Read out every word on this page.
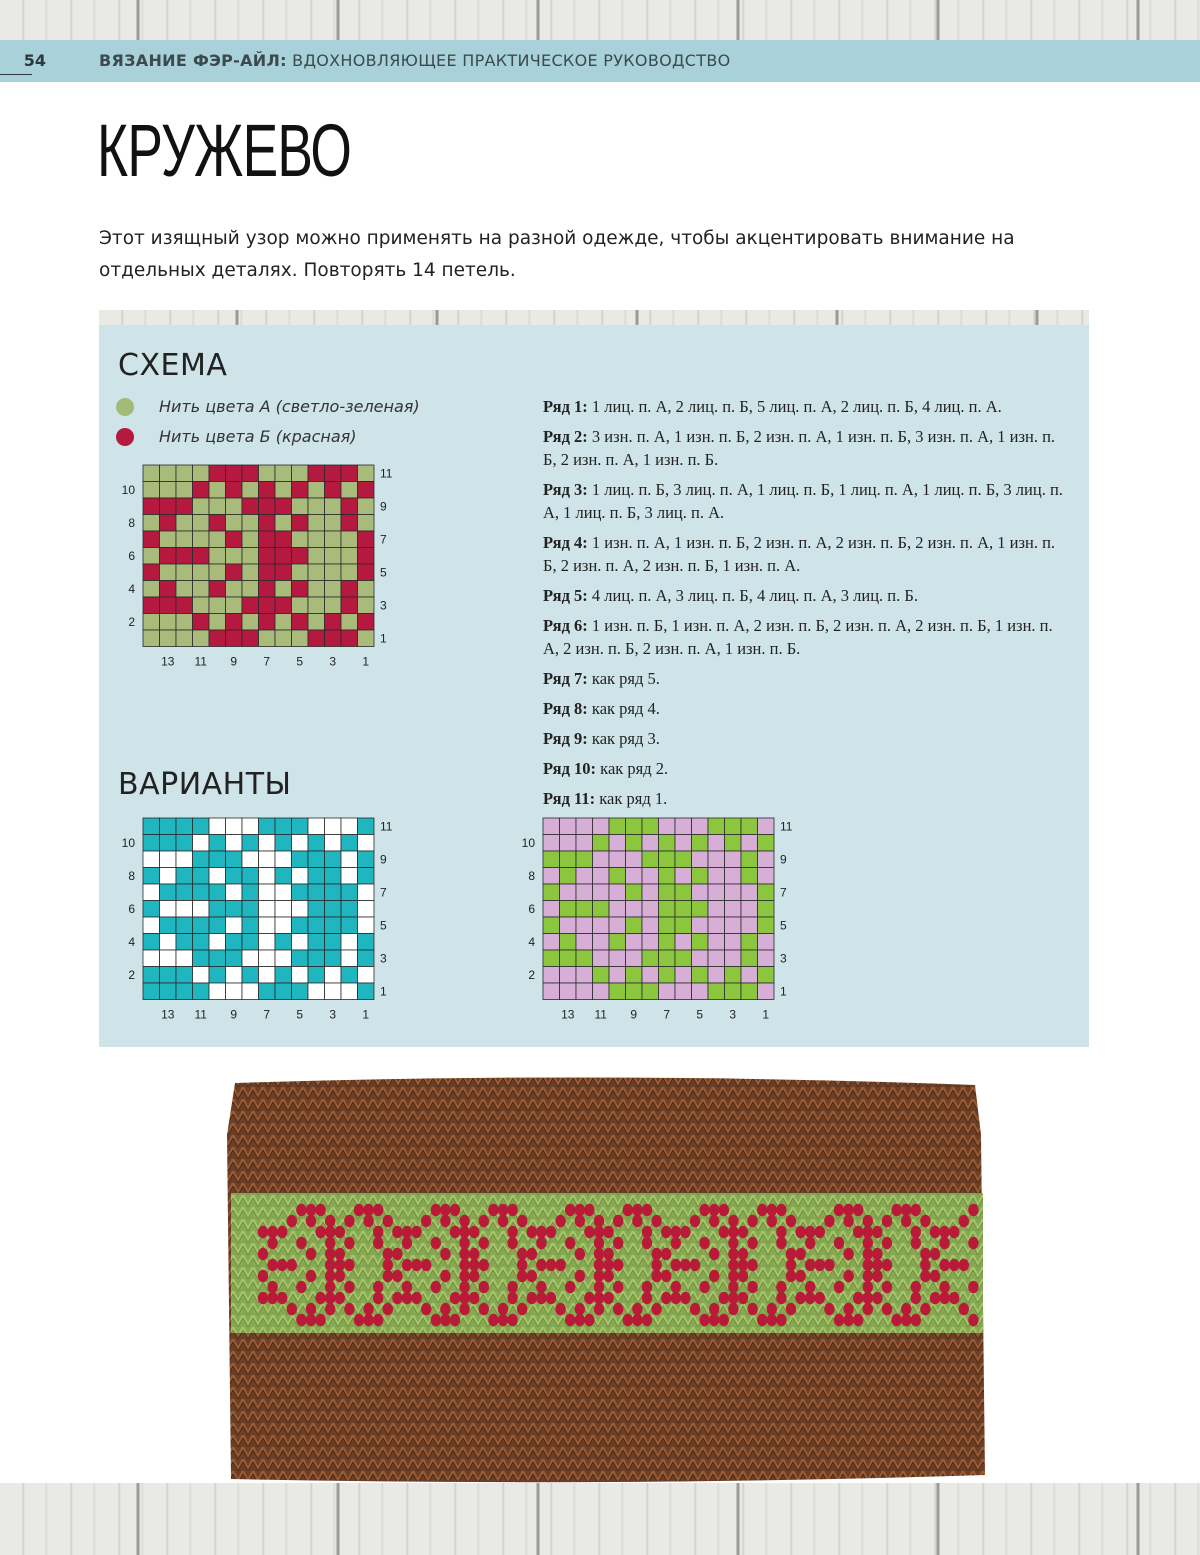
54	ВЯЗАНИЕ ФЭР-АЙЛ: ВДОХНОВЛЯЮЩЕЕ ПРАКТИЧЕСКОЕ РУКОВОДСТВО
КРУЖЕВО
Этот изящный узор можно применять на разной одежде, чтобы акцентировать внимание на отдельных деталях. Повторять 14 петель.
СХЕМА
Нить цвета А (светло-зеленая)
Нить цвета Б (красная)
13 11 9 7 5 3 1
11
9
7
5
3
1
10
8
6
4
2
ВАРИАНТЫ
13 11 9 7 5 3 1
11
9
7
5
3
1
10
8
6
4
2
13 11 9 7 5 3 1
11
9
7
5
3
1
10
8
6
4
2
Ряд 1: 1 лиц. п. А, 2 лиц. п. Б, 5 лиц. п. А, 2 лиц. п. Б, 4 лиц. п. А.
Ряд 2: 3 изн. п. А, 1 изн. п. Б, 2 изн. п. А, 1 изн. п. Б, 3 изн. п. А, 1 изн. п. Б, 2 изн. п. А, 1 изн. п. Б.
Ряд 3: 1 лиц. п. Б, 3 лиц. п. А, 1 лиц. п. Б, 1 лиц. п. А, 1 лиц. п. Б, 3 лиц. п. А, 1 лиц. п. Б, 3 лиц. п. А.
Ряд 4: 1 изн. п. А, 1 изн. п. Б, 2 изн. п. А, 2 изн. п. Б, 2 изн. п. А, 1 изн. п. Б, 2 изн. п. А, 2 изн. п. Б, 1 изн. п. А.
Ряд 5: 4 лиц. п. А, 3 лиц. п. Б, 4 лиц. п. А, 3 лиц. п. Б.
Ряд 6: 1 изн. п. Б, 1 изн. п. А, 2 изн. п. Б, 2 изн. п. А, 2 изн. п. Б, 1 изн. п. А, 2 изн. п. Б, 2 изн. п. А, 1 изн. п. Б.
Ряд 7: как ряд 5.
Ряд 8: как ряд 4.
Ряд 9: как ряд 3.
Ряд 10: как ряд 2.
Ряд 11: как ряд 1.
